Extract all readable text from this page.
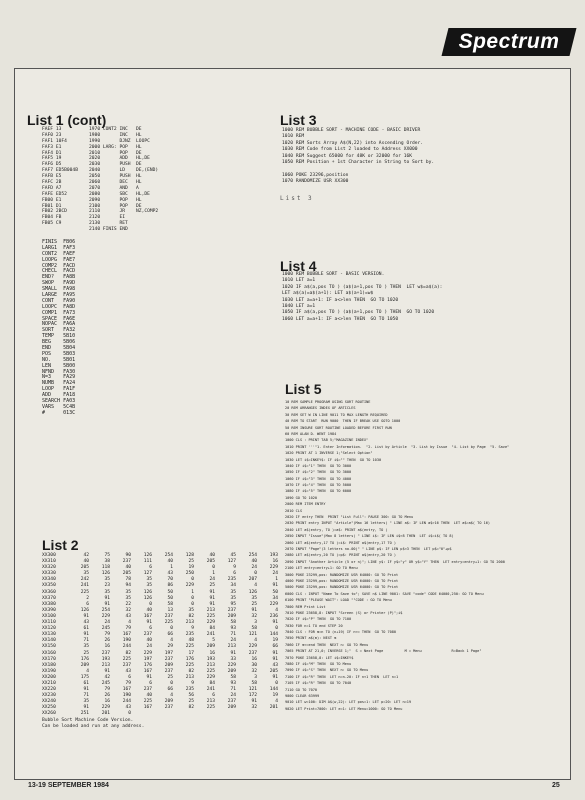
Spectrum
List 1 (cont)
FAEF 13          1970 CONT2 INC   DE
FAF0 23          1980       INC   HL
FAF1 10F4        1990       DJNZ  LOOPC
FAF3 E1          2000 LARG: POP   HL
FAF4 D1          2010       POP   DE
FAF5 19          2020       ADD   HL,DE
FAF6 D5          2030       PUSH  DE
FAF7 ED5B004B    2040       LD    DE,(END)
FAFB E5          2050       PUSH  HL
FAFC 2B          2060       DEC   HL
FAFD A7          2070       AND   A
FAFE ED52        2080       SBC   HL,DE
FB00 E1          2090       POP   HL
FB01 D1          2100       POP   DE
FB02 2BCD        2110       JR    NZ,COMP2
FB04 FB          2120       EI
FB05 C9          2130       RET
2140 FINIS END
FINIS  FB06
LARG1  FAF3
CONT2  FAEF
LOOPG  FAE7
COMP2  FACD
CHECL  FACD
END?   FA8B
SWOP   FA9D
SMALL  FA98
LARGE  FA95
CONT   FA90
LOOPC  FA8D
COMP1  FA73
SPACE  FA6E
NOPAC  FA6A
SORT   FA32
TEMP   5B10
BEG    5B06
END    5B04
POS    5B03
NO.    5B01
LEN    5B00
NFND   FA30
N=3    FA29
NUMB   FA24
LOOP   FA1F
ADD    FA18
SEARCH FA03
VARS   5C4B
#      013C
List 2
XX300	42	75	90	126	254	128	40	45	254	193
XX310	40	38	237	111	40	25	205	127	40	16
XX320	205	118	40	6	1	19	0	9	24	229
XX330	35	126	205	127	43	250	1	6	0	24
XX340	242	35	78	35	70	0	24	235	207	1
XX350	241	23	94	35	86	229	25	34	4	91
XX360	225	35	35	126	50	1	91	35	126	50
XX370	2	91	35	126	50	0	91	35	35	34
XX380	6	91	22	0	58	0	91	95	25	229
XX390	126	254	32	40	13	35	213	237	91	4
XX100	91	229	43	167	237	82	225	209	32	236
XX110	43	24	4	91	225	213	229	58	3	91
XX120	61	245	79	6	0	9	84	93	58	0
XX130	91	79	167	237	66	235	241	71	121	144
XX140	71	26	190	40	4	48	5	24	4	19
XX150	35	16	244	24	29	225	209	213	229	66
XX160	25	237	82	229	197	17	16	91	237	91
XX170	176	193	225	197	237	176	193	33	16	91
XX180	209	213	237	176	209	225	213	229	30	43
XX190	4	91	43	167	237	82	225	209	32	205
XX200	175	42	6	91	25	213	229	58	3	91
XX210	61	245	79	6	0	9	84	93	58	0
XX220	91	79	167	237	66	235	241	71	121	144
XX230	71	26	190	40	4	56	6	24	172	19
XX240	35	16	244	225	209	25	213	237	91	4
XX250	91	229	43	167	237	82	225	209	32	201
XX260	251	201	0
Bubble Sort Machine Code Version.
Can be loaded and run at any address.
List 3
1000 REM BUBBLE SORT - MACHINE CODE - BASIC DRIVER
1010 REM
1020 REM Sorts Array A$(N,22) into Ascending Order.
1030 REM Code from List 2 loaded to Address XX000
1040 REM Suggest 65000 for 48K or 32000 for 16K
1050 REM Position + 1st Character in String to Sort by.
1060 POKE 23296,position
1070 RANDOMIZE USR XX300
List 3
List 4
1000 REM BUBBLE SORT - BASIC VERSION.
1010 LET a=1
1020 IF a$(a,pos TO ) (a$(a+1,pos TO ) THEN  LET w$=a$(a):
LET a$(a)=a$(a+1): LET a$(a+1)=w$
1030 LET a=a+1: IF a<>len THEN  GO TO 1020
1040 LET a=1
1050 IF a$(a,pos TO ) (a$(a+1,pos TO ) THEN  GO TO 1020
1060 LET a=a+1: IF a<>len THEN  GO TO 1050
List 5
10 REM SAMPLE PROGRAM USING SORT ROUTINE
20 REM ARRANGES INDEX OF ARTICLES
30 REM SET W IN LINE 9011 TO MAX LENGTH REQUIRED
40 REM TO START  RUN 9000  THEN IF BREAK USE GOTO 1000
50 REM INSURE SORT ROUTINE LOADED BEFORE FIRST RUN
60 REM ALAN D. WENT 1984
1000 CLS : PRINT TAB 5;"MAGAZINE INDEX"
1010 PRINT '''"1. Enter Information.  "2. List by Article  "3. List by Issue  "4. List by Page  "5. Save"
1020 PRINT AT 1 INVERSE 1;"Select Option"
1030 LET i$=INKEY$: IF i$="" THEN  GO TO 1030
1040 IF i$="1" THEN  GO TO 3000
1050 IF i$="2" THEN  GO TO 3000
1060 IF i$="3" THEN  GO TO 4000
1070 IF i$="4" THEN  GO TO 5000
1080 IF i$="5" THEN  GO TO 6000
1090 GO TO 1020
2000 REM ITEM ENTRY
2010 CLS
2020 IF entry THEN  PRINT "List Full": PAUSE 300: GO TO Menu
2030 PRINT entry INPUT "Article"(Max 16 letters) " LINE a$: IF LEN a$>16 THEN  LET a$=a$( TO 16)
2040 LET a$(entry, TO )=a$: PRINT a$(entry, TO )
2050 INPUT "Issue"(Max 8 letters) " LINE i$: IF LEN i$>8 THEN  LET i$=i$( TO 8)
2060 LET a$(entry,17 TO )=i$: PRINT a$(entry,17 TO )
2070 INPUT "Page"(3 letters no.00)" " LINE p$: IF LEN p$<3 THEN  LET p$="0"+p$
2080 LET a$(entry,20 TO )=p$: PRINT a$(entry,20 TO )
2090 INPUT "Another Article (5 or n)"; LINE y$: IF y$="y" OR y$="Y" THEN  LET entry=entry+1: GO TO 2000
2100 LET entry=entry+1: GO TO Menu
3000 POKE 23299,pos: RANDOMIZE USR 64000: GO TO Print
4000 POKE 23299,pos: RANDOMIZE USR 64000: GO TO Print
5000 POKE 23299,pos: RANDOMIZE USR 64000: GO TO Print
6000 CLS : INPUT "Name To Save to"; SAVE n$ LINE 9001: SAVE "code" CODE 64000,250: GO TO Menu
6100 PRINT "PLEASE WAIT": LOAD ""CODE : GO TO Menu
7000 REM Print List
7010 POKE 23658,8: INPUT "Screen (S) or Printer (P)";i$
7020 IF i$="P" THEN  GO TO 7100
7030 FOR n=1 TO end STEP 20
7040 CLS : FOR m=n TO (n+19) IF n<= THEN  GO TO 7080
7050 PRINT a$(m): NEXT m
7060 IF m<=end THEN  NEXT n: GO TO Menu
7065 PRINT AT 21,0; INVERSE 1;"  S = Next Page          M = Menu              R=Back 1 Page"
7070 POKE 23658,8: LET i$=INKEY$
7080 IF i$="M" THEN  GO TO Menu
7090 IF i$="S" THEN  NEXT n: GO TO Menu
7100 IF i$="R" THEN  LET n=n-20: IF n<1 THEN  LET n=1
7105 IF i$="R" THEN  GO TO 7040
7110 GO TO 7070
9000 CLEAR 63999
9010 LET w=100: DIM A$(w,22): LET pos=1: LET p=20: LET n=19
9020 LET Print=7000: LET e=1: LET Menu=1000: GO TO Menu
13-19 SEPTEMBER 1984	25
